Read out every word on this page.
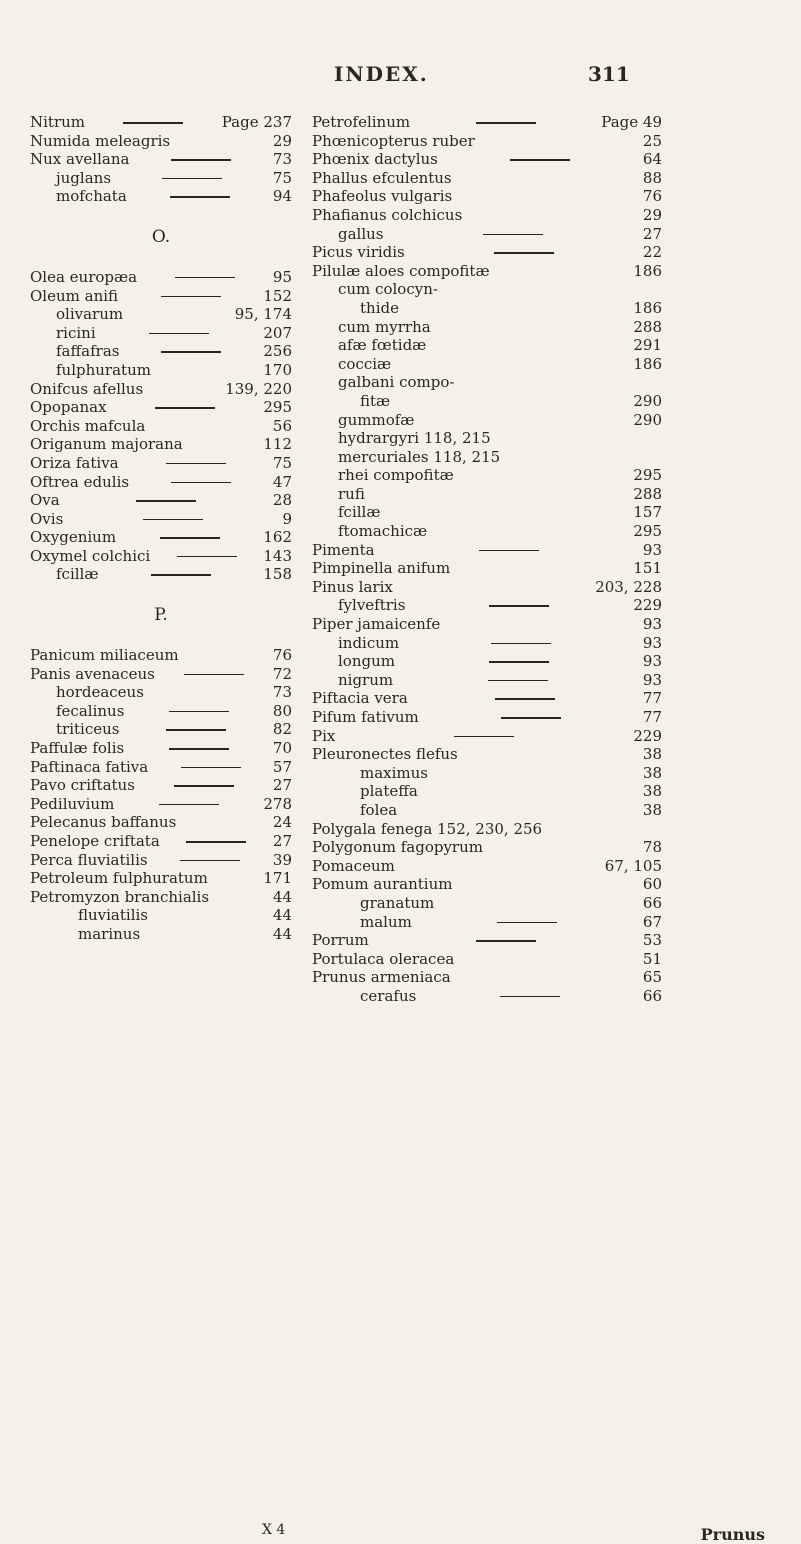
INDEX.	311
Nitrum	Page 237
Numida meleagris	29
Nux avellana	73
juglans	75
mofchata	94
O.
Olea europæa	95
Oleum anifi	152
olivarum	95, 174
ricini	207
faffafras	256
fulphuratum	170
Onifcus afellus	139, 220
Opopanax	295
Orchis mafcula	56
Origanum majorana	112
Oriza fativa	75
Oftrea edulis	47
Ova	28
Ovis	9
Oxygenium	162
Oxymel colchici	143
fcillæ	158
P.
Panicum miliaceum	76
Panis avenaceus	72
hordeaceus	73
fecalinus	80
triticeus	82
Paffulæ folis	70
Paftinaca fativa	57
Pavo criftatus	27
Pediluvium	278
Pelecanus baffanus	24
Penelope criftata	27
Perca fluviatilis	39
Petroleum fulphuratum	171
Petromyzon branchialis	44
fluviatilis	44
marinus	44
Petrofelinum	Page 49
Phœnicopterus ruber	25
Phœnix dactylus	64
Phallus efculentus	88
Phafeolus vulgaris	76
Phafianus colchicus	29
gallus	27
Picus viridis	22
Pilulæ aloes compofitæ	186
cum colocyn-
thide	186
cum myrrha	288
afæ fœtidæ	291
cocciæ	186
galbani compo-
fitæ	290
gummofæ	290
hydrargyri 118, 215
mercuriales 118, 215
rhei compofitæ	295
rufi	288
fcillæ	157
ftomachicæ	295
Pimenta	93
Pimpinella anifum	151
Pinus larix	203, 228
fylveftris	229
Piper jamaicenfe	93
indicum	93
longum	93
nigrum	93
Piftacia vera	77
Pifum fativum	77
Pix	229
Pleuronectes flefus	38
maximus	38
plateffa	38
folea	38
Polygala fenega 152, 230, 256
Polygonum fagopyrum	78
Pomaceum	67, 105
Pomum aurantium	60
granatum	66
malum	67
Porrum	53
Portulaca oleracea	51
Prunus armeniaca	65
cerafus	66
X 4	Prunus
